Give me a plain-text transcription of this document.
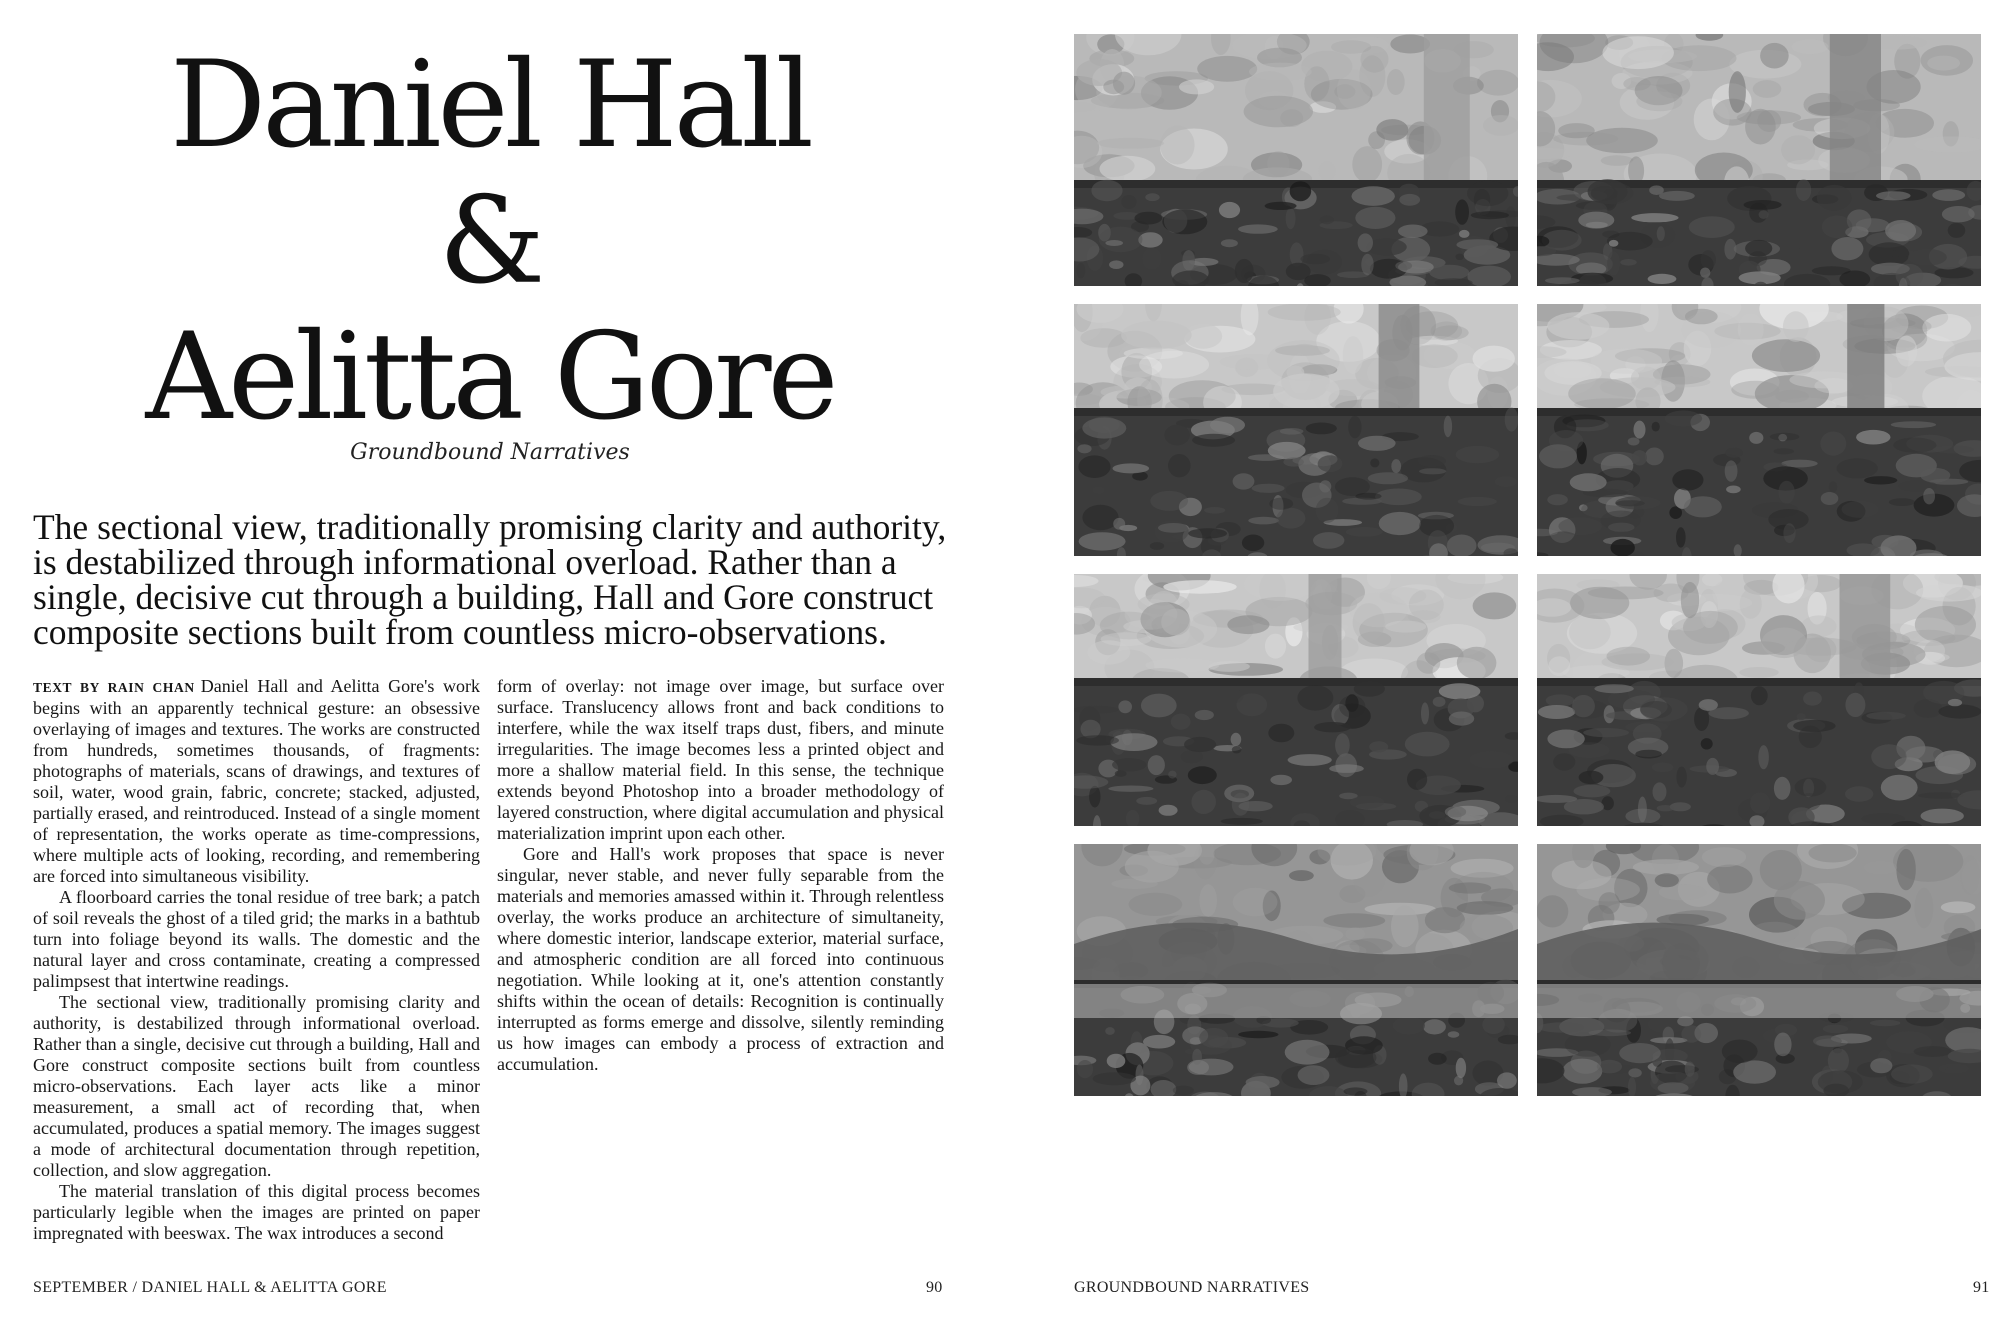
Daniel Hall
&
Aelitta Gore
Groundbound Narratives

The sectional view, traditionally promising clarity and authority, is destabilized through informational overload. Rather than a single, decisive cut through a building, Hall and Gore construct composite sections built from countless micro-observations.

TEXT BY RAIN CHAN Daniel Hall and Aelitta Gore's work begins with an apparently technical gesture: an obsessive overlaying of images and textures. The works are constructed from hundreds, sometimes thousands, of fragments: photographs of materials, scans of drawings, and textures of soil, water, wood grain, fabric, concrete; stacked, adjusted, partially erased, and reintroduced. Instead of a single moment of representation, the works operate as time-compressions, where multiple acts of looking, recording, and remembering are forced into simultaneous visibility.

A floorboard carries the tonal residue of tree bark; a patch of soil reveals the ghost of a tiled grid; the marks in a bathtub turn into foliage beyond its walls. The domestic and the natural layer and cross contaminate, creating a compressed palimpsest that intertwine readings.

The sectional view, traditionally promising clarity and authority, is destabilized through informational overload. Rather than a single, decisive cut through a building, Hall and Gore construct composite sections built from countless micro-observations. Each layer acts like a minor measurement, a small act of recording that, when accumulated, produces a spatial memory. The images suggest a mode of architectural documentation through repetition, collection, and slow aggregation.

The material translation of this digital process becomes particularly legible when the images are printed on paper impregnated with beeswax. The wax introduces a second

form of overlay: not image over image, but surface over surface. Translucency allows front and back conditions to interfere, while the wax itself traps dust, fibers, and minute irregularities. The image becomes less a printed object and more a shallow material field. In this sense, the technique extends beyond Photoshop into a broader methodology of layered construction, where digital accumulation and physical materialization imprint upon each other.

Gore and Hall's work proposes that space is never singular, never stable, and never fully separable from the materials and memories amassed within it. Through relentless overlay, the works produce an architecture of simultaneity, where domestic interior, landscape exterior, material surface, and atmospheric condition are all forced into continuous negotiation. While looking at it, one's attention constantly shifts within the ocean of details: Recognition is continually interrupted as forms emerge and dissolve, silently reminding us how images can embody a process of extraction and accumulation.

SEPTEMBER / DANIEL HALL & AELITTA GORE	90	GROUNDBOUND NARRATIVES	91
